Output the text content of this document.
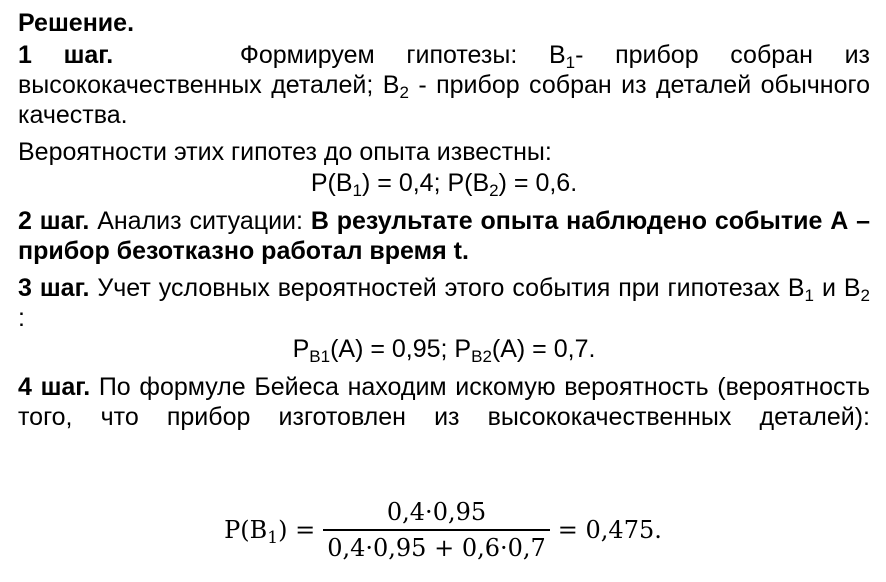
Решение.

1 шаг.	Формируем гипотезы: $B_1-$ прибор собран из высококачественных деталей; $B_2$ - прибор собран из деталей обычного качества.

Вероятности этих гипотез до опыта известны:

$P(B_1) = 0,4$; $P(B_2) = 0,6$.

2 шаг. Анализ ситуации: В результате опыта наблюдено событие А – прибор безотказно работал время t.

3 шаг. Учет условных вероятностей этого события при гипотезах $B_1$ и $B_2$ :

$P_{B1}(A) = 0,95$; $P_{B2}(A) = 0,7$.

4 шаг. По формуле Бейеса находим искомую вероятность (вероятность того, что прибор изготовлен из высококачественных деталей):

$P(B_1) = \frac{0,4\cdot 0,95}{0,4\cdot 0,95 + 0,6\cdot 0,7} = 0,475$.
